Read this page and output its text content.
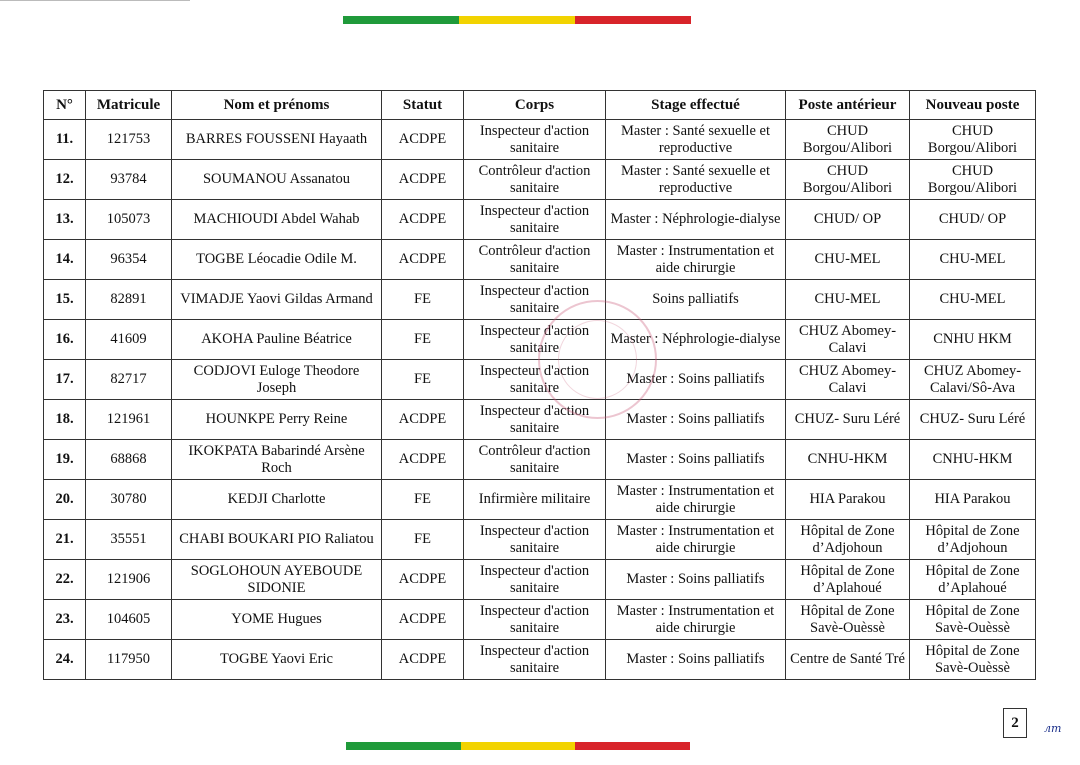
N°	Matricule	Nom et prénoms	Statut	Corps	Stage effectué	Poste antérieur	Nouveau poste
11.	121753	BARRES FOUSSENI Hayaath	ACDPE	Inspecteur d'action sanitaire	Master : Santé sexuelle et reproductive	CHUD Borgou/Alibori	CHUD Borgou/Alibori
12.	93784	SOUMANOU Assanatou	ACDPE	Contrôleur d'action sanitaire	Master : Santé sexuelle et reproductive	CHUD Borgou/Alibori	CHUD Borgou/Alibori
13.	105073	MACHIOUDI Abdel Wahab	ACDPE	Inspecteur d'action sanitaire	Master : Néphrologie-dialyse	CHUD/ OP	CHUD/ OP
14.	96354	TOGBE Léocadie Odile M.	ACDPE	Contrôleur d'action sanitaire	Master : Instrumentation et aide chirurgie	CHU-MEL	CHU-MEL
15.	82891	VIMADJE Yaovi Gildas Armand	FE	Inspecteur d'action sanitaire	Soins palliatifs	CHU-MEL	CHU-MEL
16.	41609	AKOHA Pauline Béatrice	FE	Inspecteur d'action sanitaire	Master : Néphrologie-dialyse	CHUZ Abomey-Calavi	CNHU HKM
17.	82717	CODJOVI Euloge Theodore Joseph	FE	Inspecteur d'action sanitaire	Master : Soins palliatifs	CHUZ Abomey-Calavi	CHUZ Abomey-Calavi/Sô-Ava
18.	121961	HOUNKPE Perry Reine	ACDPE	Inspecteur d'action sanitaire	Master : Soins palliatifs	CHUZ- Suru Léré	CHUZ- Suru Léré
19.	68868	IKOKPATA Babarindé Arsène Roch	ACDPE	Contrôleur d'action sanitaire	Master : Soins palliatifs	CNHU-HKM	CNHU-HKM
20.	30780	KEDJI Charlotte	FE	Infirmière militaire	Master : Instrumentation et aide chirurgie	HIA Parakou	HIA Parakou
21.	35551	CHABI BOUKARI PIO Raliatou	FE	Inspecteur d'action sanitaire	Master : Instrumentation et aide chirurgie	Hôpital de Zone d’Adjohoun	Hôpital de Zone d’Adjohoun
22.	121906	SOGLOHOUN AYEBOUDE SIDONIE	ACDPE	Inspecteur d'action sanitaire	Master : Soins palliatifs	Hôpital de Zone d’Aplahoué	Hôpital de Zone d’Aplahoué
23.	104605	YOME Hugues	ACDPE	Inspecteur d'action sanitaire	Master : Instrumentation et aide chirurgie	Hôpital de Zone Savè-Ouèssè	Hôpital de Zone Savè-Ouèssè
24.	117950	TOGBE Yaovi Eric	ACDPE	Inspecteur d'action sanitaire	Master : Soins palliatifs	Centre de Santé Tré	Hôpital de Zone Savè-Ouèssè
2	лт
